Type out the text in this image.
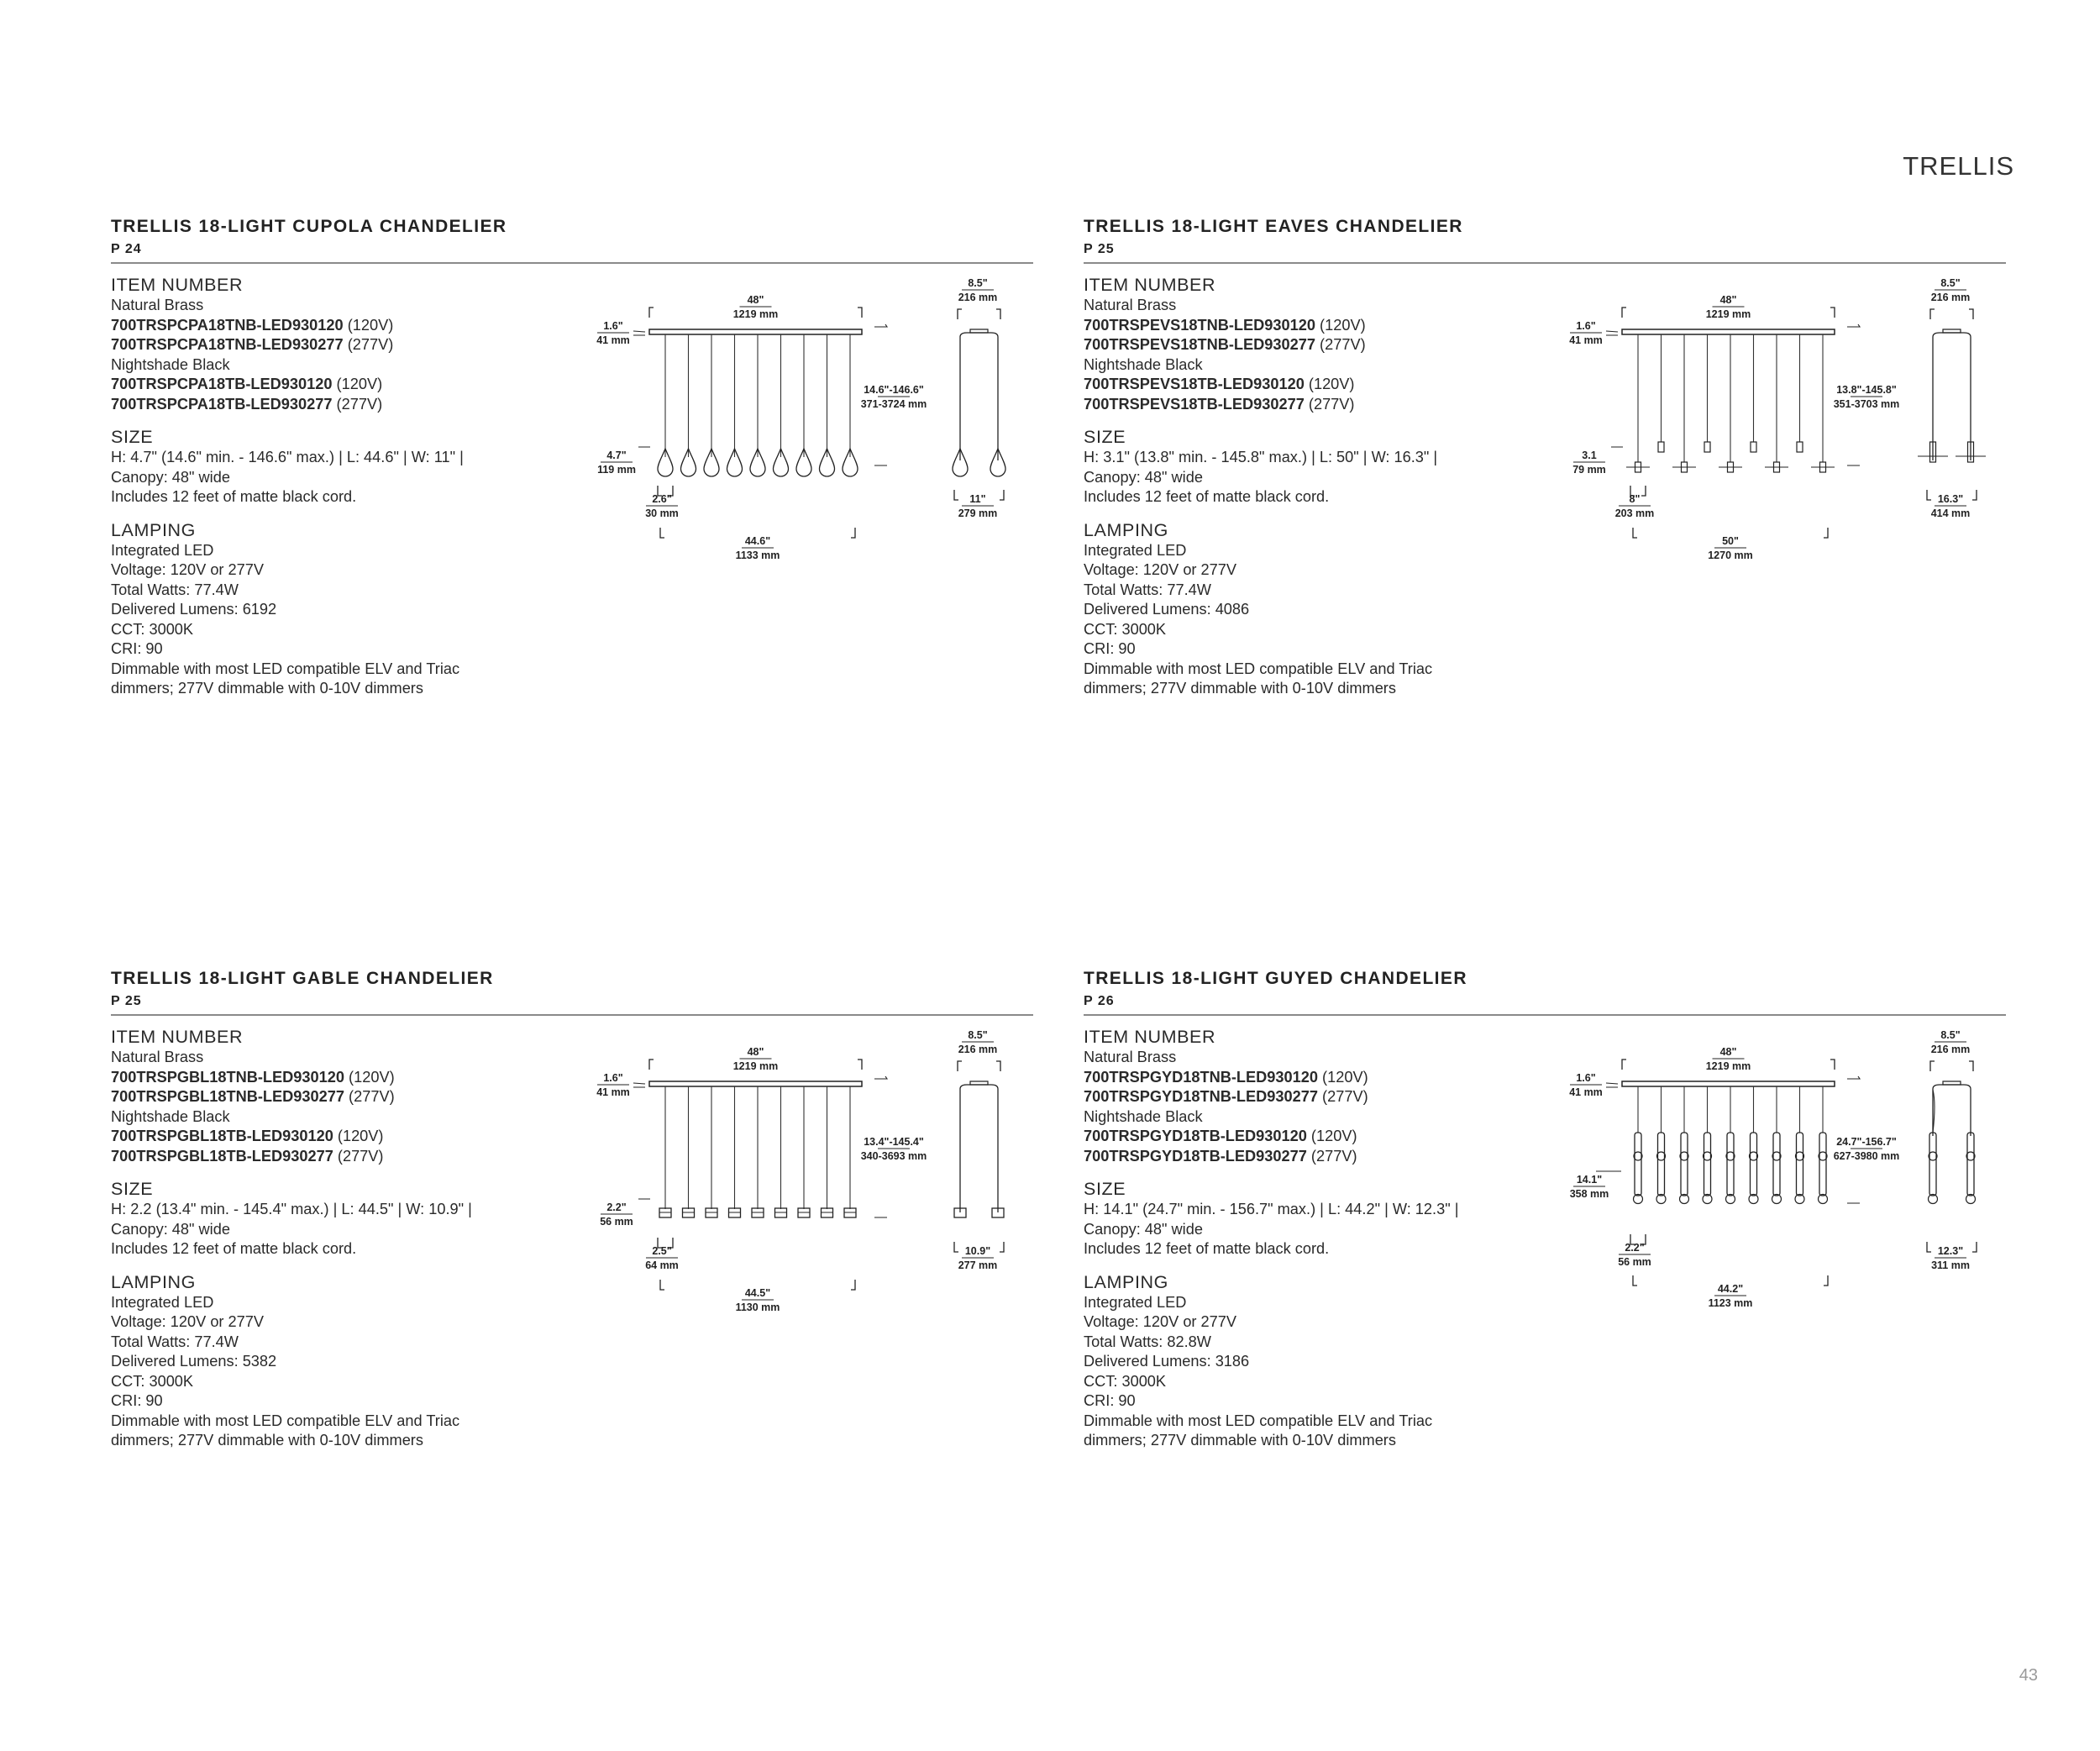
TRELLIS
TRELLIS 18-LIGHT CUPOLA CHANDELIER
P 24
ITEM NUMBER
Natural Brass
700TRSPCPA18TNB-LED930120 (120V)
700TRSPCPA18TNB-LED930277 (277V)
Nightshade Black
700TRSPCPA18TB-LED930120 (120V)
700TRSPCPA18TB-LED930277 (277V)
SIZE
H: 4.7" (14.6" min. - 146.6" max.) | L: 44.6" | W: 11" |
Canopy: 48" wide
Includes 12 feet of matte black cord.
LAMPING
Integrated LED
Voltage: 120V or 277V
Total Watts: 77.4W
Delivered Lumens: 6192
CCT: 3000K
CRI: 90
Dimmable with most LED compatible ELV and Triac
dimmers; 277V dimmable with 0-10V dimmers
48"
1219 mm
1.6"
41 mm
14.6"-146.6"
371-3724 mm
4.7"
119 mm
2.6"
30 mm
44.6"
1133 mm
8.5"
216 mm
11"
279 mm
TRELLIS 18-LIGHT EAVES CHANDELIER
P 25
ITEM NUMBER
Natural Brass
700TRSPEVS18TNB-LED930120 (120V)
700TRSPEVS18TNB-LED930277 (277V)
Nightshade Black
700TRSPEVS18TB-LED930120 (120V)
700TRSPEVS18TB-LED930277 (277V)
SIZE
H: 3.1" (13.8" min. - 145.8" max.) | L: 50" | W: 16.3" |
Canopy: 48" wide
Includes 12 feet of matte black cord.
LAMPING
Integrated LED
Voltage: 120V or 277V
Total Watts: 77.4W
Delivered Lumens: 4086
CCT: 3000K
CRI: 90
Dimmable with most LED compatible ELV and Triac
dimmers; 277V dimmable with 0-10V dimmers
48"
1219 mm
1.6"
41 mm
13.8"-145.8"
351-3703 mm
3.1
79 mm
8"
203 mm
50"
1270 mm
8.5"
216 mm
16.3"
414 mm
TRELLIS 18-LIGHT GABLE CHANDELIER
P 25
ITEM NUMBER
Natural Brass
700TRSPGBL18TNB-LED930120 (120V)
700TRSPGBL18TNB-LED930277 (277V)
Nightshade Black
700TRSPGBL18TB-LED930120 (120V)
700TRSPGBL18TB-LED930277 (277V)
SIZE
H: 2.2 (13.4" min. - 145.4" max.) | L: 44.5" | W: 10.9" |
Canopy: 48" wide
Includes 12 feet of matte black cord.
LAMPING
Integrated LED
Voltage: 120V or 277V
Total Watts: 77.4W
Delivered Lumens: 5382
CCT: 3000K
CRI: 90
Dimmable with most LED compatible ELV and Triac
dimmers; 277V dimmable with 0-10V dimmers
48"
1219 mm
1.6"
41 mm
13.4"-145.4"
340-3693 mm
2.2"
56 mm
2.5"
64 mm
44.5"
1130 mm
8.5"
216 mm
10.9"
277 mm
TRELLIS 18-LIGHT GUYED CHANDELIER
P 26
ITEM NUMBER
Natural Brass
700TRSPGYD18TNB-LED930120 (120V)
700TRSPGYD18TNB-LED930277 (277V)
Nightshade Black
700TRSPGYD18TB-LED930120 (120V)
700TRSPGYD18TB-LED930277 (277V)
SIZE
H: 14.1" (24.7" min. - 156.7" max.) | L: 44.2" | W: 12.3" |
Canopy: 48" wide
Includes 12 feet of matte black cord.
LAMPING
Integrated LED
Voltage: 120V or 277V
Total Watts: 82.8W
Delivered Lumens: 3186
CCT: 3000K
CRI: 90
Dimmable with most LED compatible ELV and Triac
dimmers; 277V dimmable with 0-10V dimmers
48"
1219 mm
1.6"
41 mm
24.7"-156.7"
627-3980 mm
14.1"
358 mm
2.2"
56 mm
44.2"
1123 mm
8.5"
216 mm
12.3"
311 mm
43
